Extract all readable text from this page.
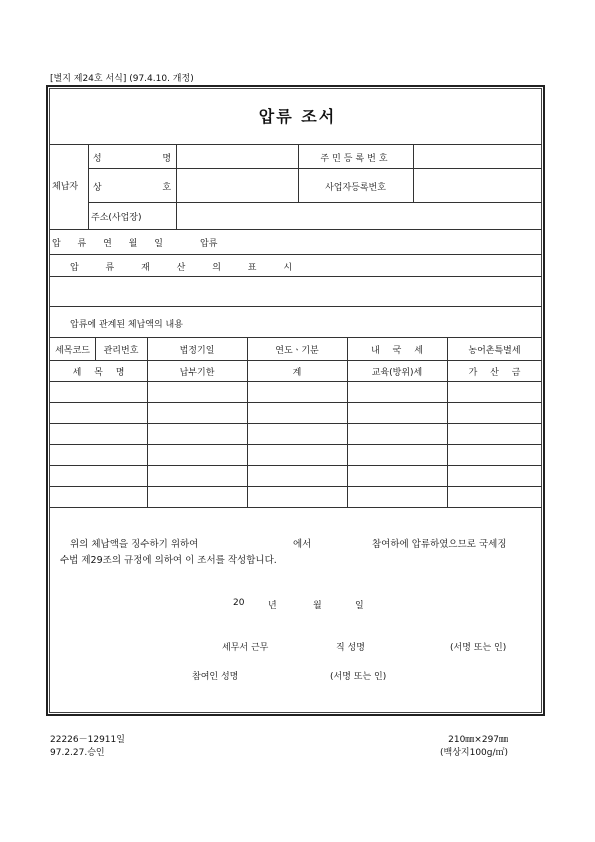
[별지 제24호 서식] (97.4.10. 개정)
압류 조서
체납자
성 명	주민등록번호
상 호	사업자등록번호
주소(사업장)
압 류 연 월 일	압류
압 류 재 산 의 표 시
압류에 관계된 체납액의 내용
세목코드	관리번호	법정기일	연도ㆍ기분	내 국 세	농어촌특별세
세 목 명	납부기한	계	교육(방위)세	가 산 금
위의 체납액을 징수하기 위하여	에서	참여하에 압류하였으므로 국세징
수법 제29조의 규정에 의하여 이 조서를 작성합니다.
20	년	월	일
세무서 근무	직 성명	(서명 또는 인)
참여인 성명	(서명 또는 인)
22226－12911일
97.2.27.승인
210㎜×297㎜
(백상지100g/㎡)
